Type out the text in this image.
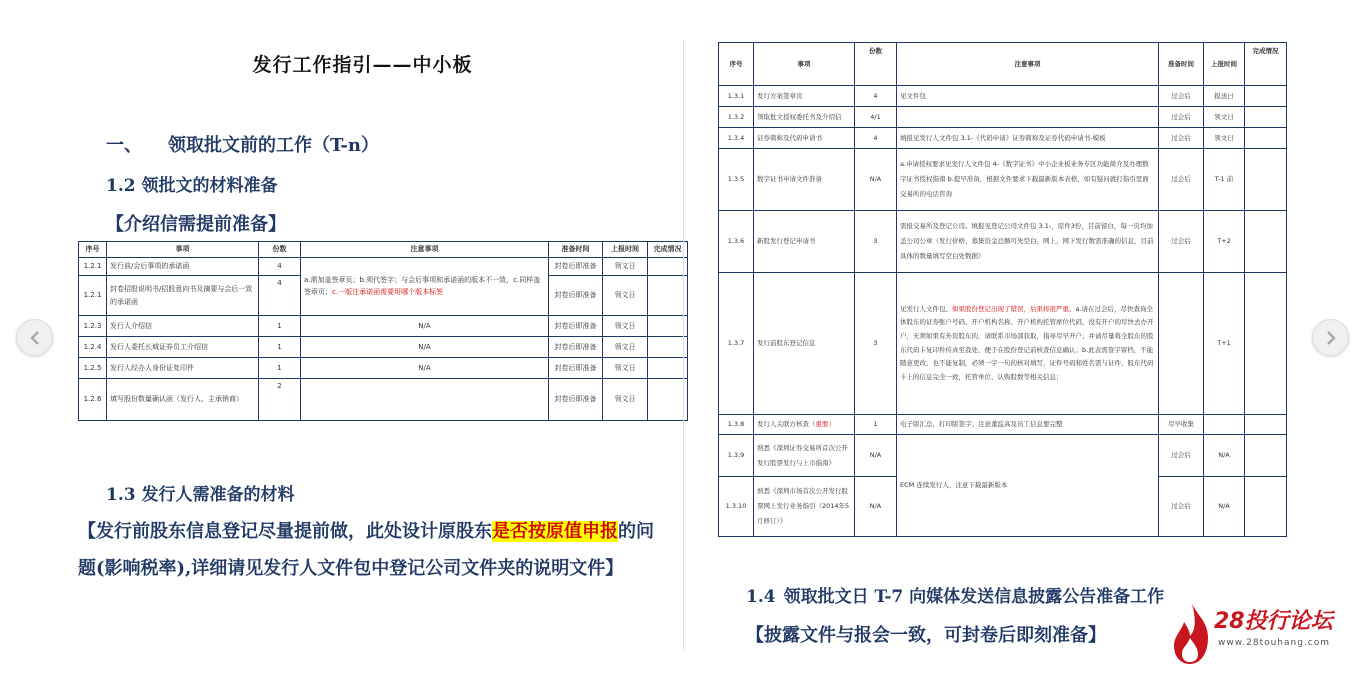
发行工作指引——中小板
一、 领取批文前的工作（T-n）
1.2 领批文的材料准备
【介绍信需提前准备】
序号	事项	份数	注意事项	准备时间	上报时间	完成情况
1.2.1	发行前/会后事项的承诺函	4	a.需加盖签章页；b.须代签字；与会后事项和承诺函的版本不一致，c.同样盖签章页；c.一版注承诺函需要用哪个版本标签	封卷后即准备	领文日	
1.2.1	封卷招股说明书/招股意向书及摘要与会后一致的承诺函	4		封卷后即准备	领文日	
1.2.3	发行人介绍信	1	N/A	封卷后即准备	领文日	
1.2.4	发行人委托长城证券员工介绍信	1	N/A	封卷后即准备	领文日	
1.2.5	发行人经办人身份证复印件	1	N/A	封卷后即准备	领文日	
1.2.6	填写股份数量确认函（发行人、主承销商）	2		封卷后即准备	领文日	
1.3 发行人需准备的材料
【发行前股东信息登记尽量提前做，此处设计原股东是否按原值申报的问题(影响税率),详细请见发行人文件包中登记公司文件夹的说明文件】
序号	事项	份数	注意事项	准备时间	上报时间	完成情况
1.3.1	发行方案签章页	4	见文件包	过会后	报送日	
1.3.2	领取批文授权委托书及介绍信	4/1		过会后	领文日	
1.3.4	证券简称及代码申请书	4	填报见发行人文件包 3.1-《代码申请》证券简称及证券代码申请书-模板	过会后	领文日	
1.3.5	数字证书申请文件准备	N/A	a.申请授权要求见发行人文件包 4-《数字证书》中小企业板业务专区功能简介及办理数字证书授权指南 b.提早准备，根据文件要求下载最新版本表格，如有疑问就打指引里面交易所的电话咨询	过会后	T-1 前	
1.3.6	新股发行登记申请书	3	需报交易所及登记公司。填报见登记公司文件包 3.1-，原件3份，目前留白，每一页均加盖公司公章（发行价格、募集资金总额可先空白，网上、网下发行数需准确的信息，目前具体的数量填写空白处数据）	过会后	T+2	
1.3.7	发行前股东登记信息	3	见发行人文件包。如果股份登记出现了错误，后果将很严重。a.请在过会后，尽快查询全体股东的证券账户号码、开户机构名称、开户机构托管席位代码，没有开户的尽快去办开户，无须如果有外资股东的，请联系市场部获取，指导尽早开户；并请尽量将全股东的股东代码卡复印件传真至我处，便于在股份登记前核查信息确认；b.此表需签字留档，不能随意更改，也不能复制，必须一字一句的核对填写，证件号码和姓名需与证件、股东代码卡上的信息完全一致，托管单位、认购股数等相关信息；		T+1	
1.3.8	发行人关联方核查（重要）	1	电子版汇总，打印版签字；注意董监高及员工信息要完整	尽早收集		
1.3.9	熟悉《深圳证券交易所首次公开发行股票发行与上市指南》	N/A	ECM 连续发行人，注意下载最新版本	过会后	N/A	
1.3.10	熟悉《深圳市场首次公开发行股票网上发行业务指引（2014年5月修订）》	N/A		过会后	N/A	
1.4 领取批文日 T-7 向媒体发送信息披露公告准备工作
【披露文件与报会一致，可封卷后即刻准备】
28投行论坛
www.28touhang.com
